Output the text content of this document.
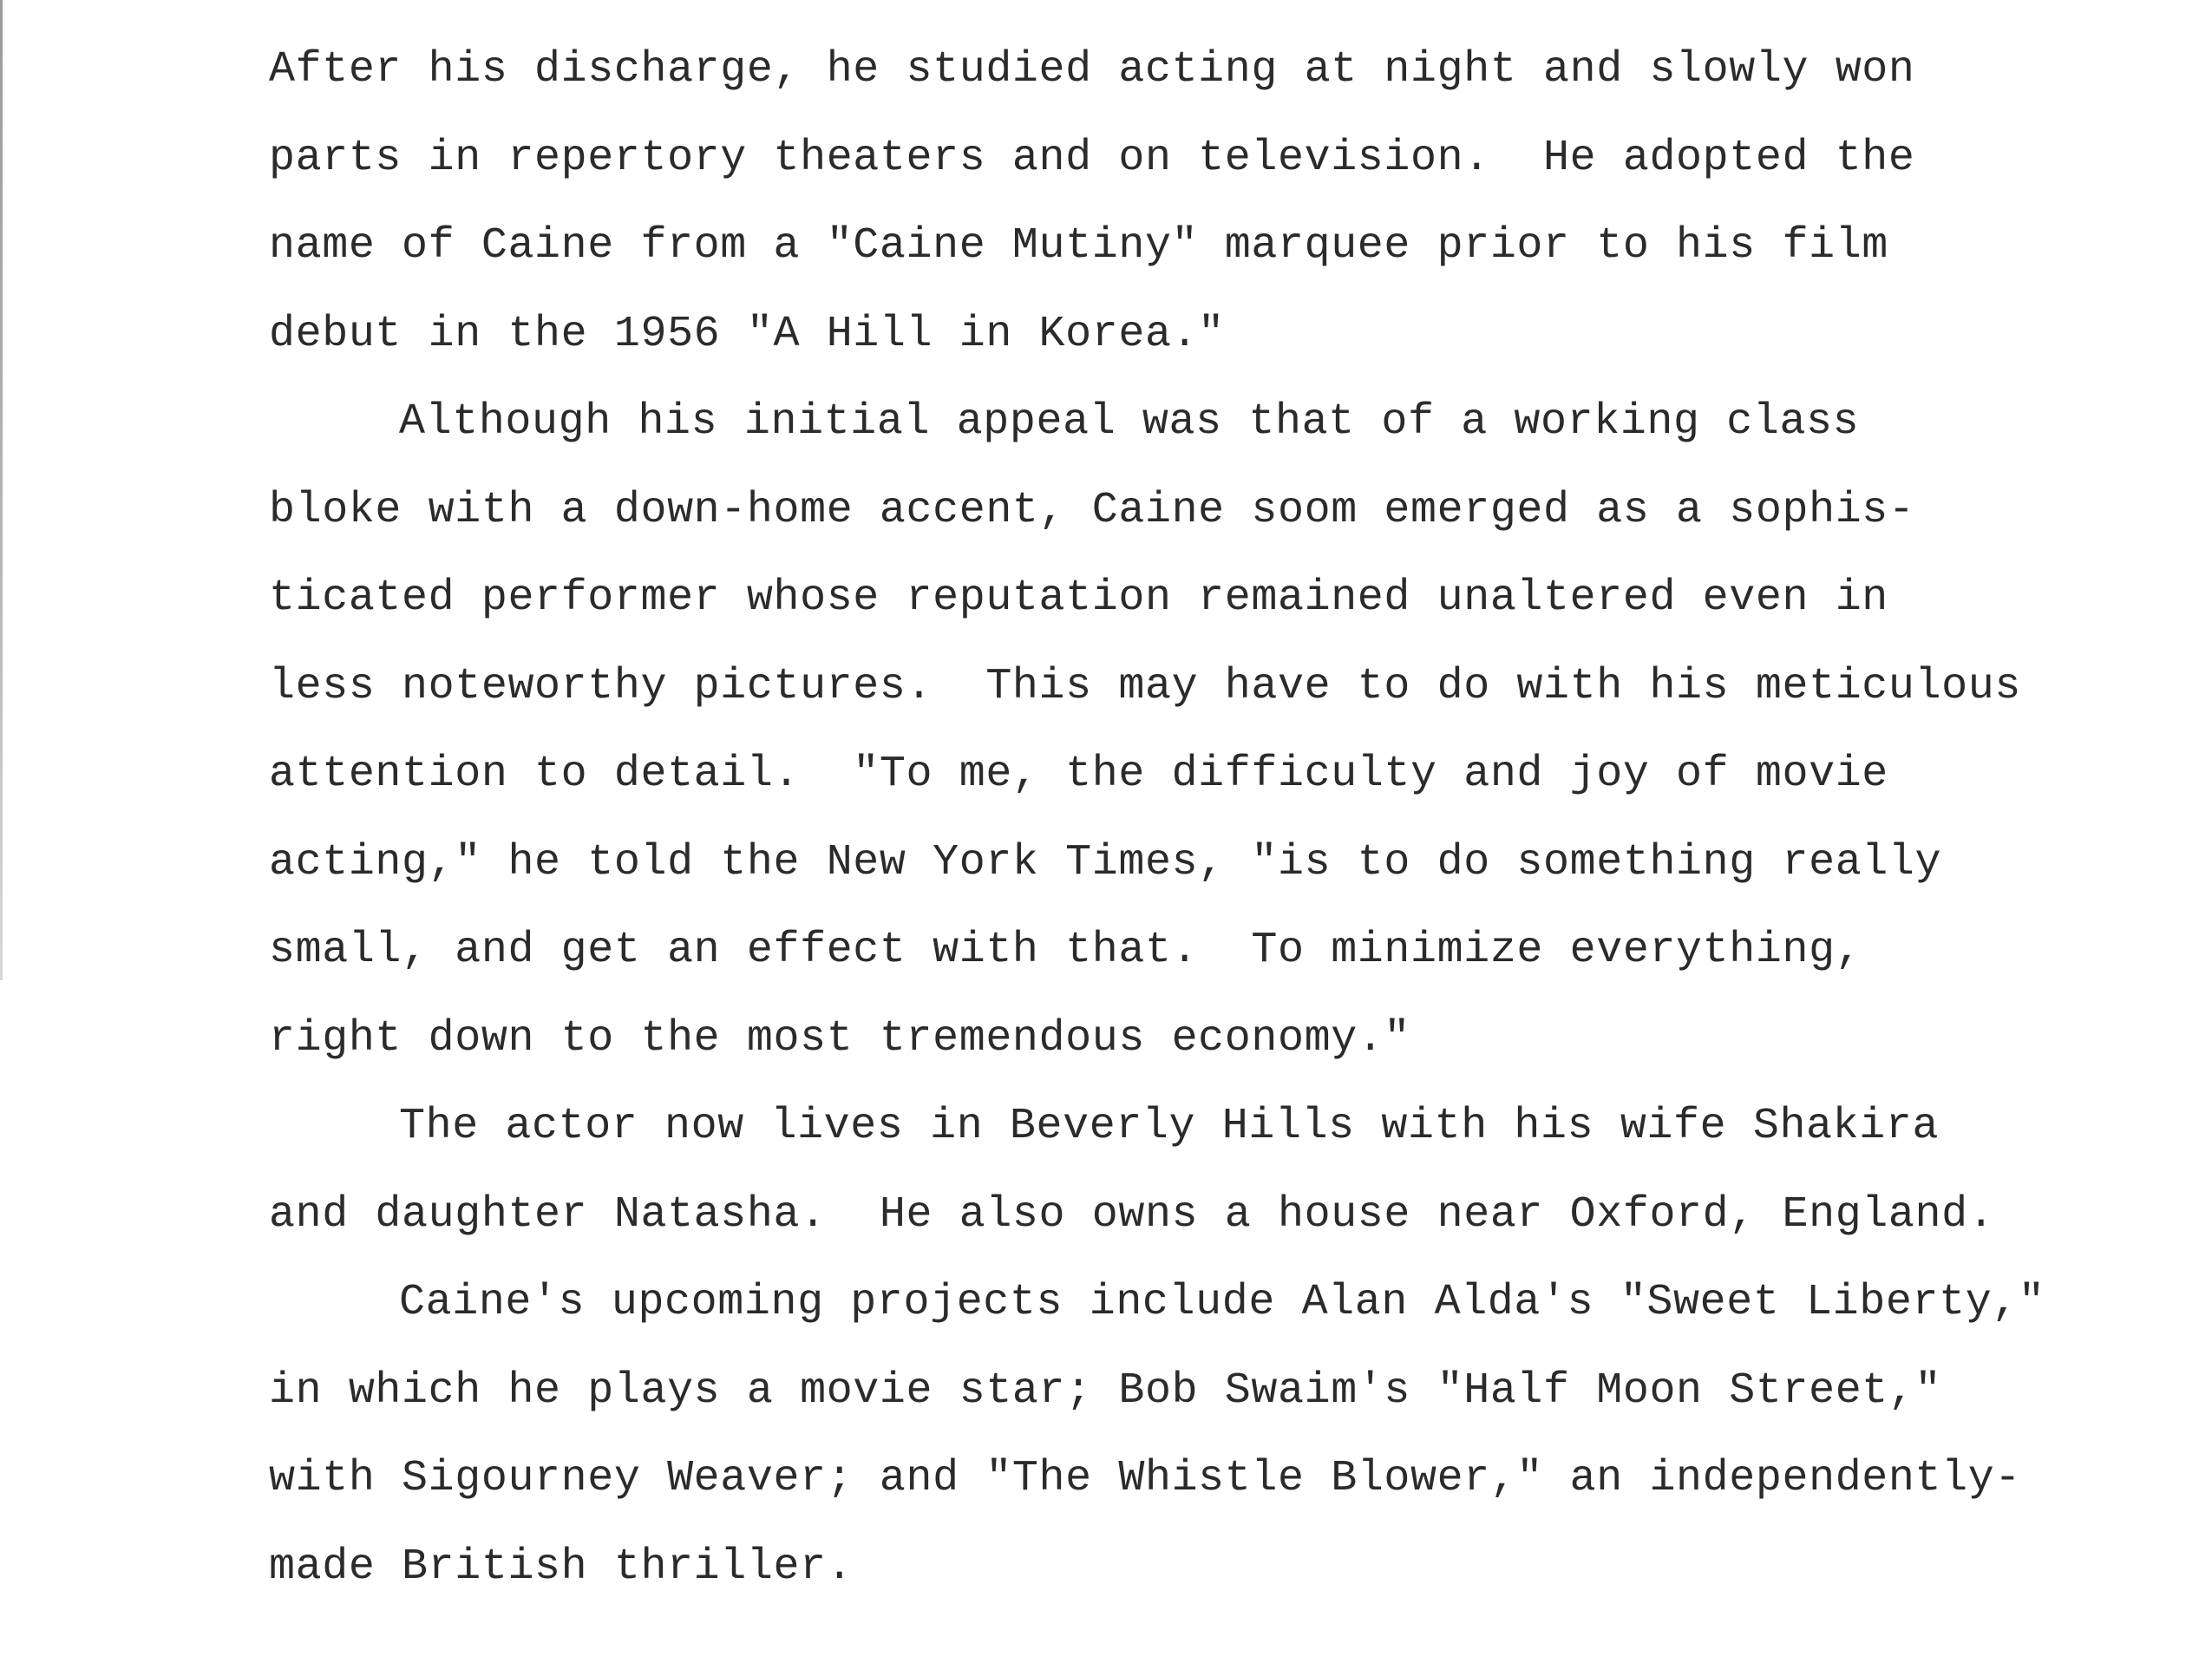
After his discharge, he studied acting at night and slowly won
parts in repertory theaters and on television.  He adopted the
name of Caine from a "Caine Mutiny" marquee prior to his film
debut in the 1956 "A Hill in Korea."
Although his initial appeal was that of a working class
bloke with a down-home accent, Caine soom emerged as a sophis-
ticated performer whose reputation remained unaltered even in
less noteworthy pictures.  This may have to do with his meticulous
attention to detail.  "To me, the difficulty and joy of movie
acting," he told the New York Times, "is to do something really
small, and get an effect with that.  To minimize everything,
right down to the most tremendous economy."
The actor now lives in Beverly Hills with his wife Shakira
and daughter Natasha.  He also owns a house near Oxford, England.
Caine's upcoming projects include Alan Alda's "Sweet Liberty,"
in which he plays a movie star; Bob Swaim's "Half Moon Street,"
with Sigourney Weaver; and "The Whistle Blower," an independently-
made British thriller.
